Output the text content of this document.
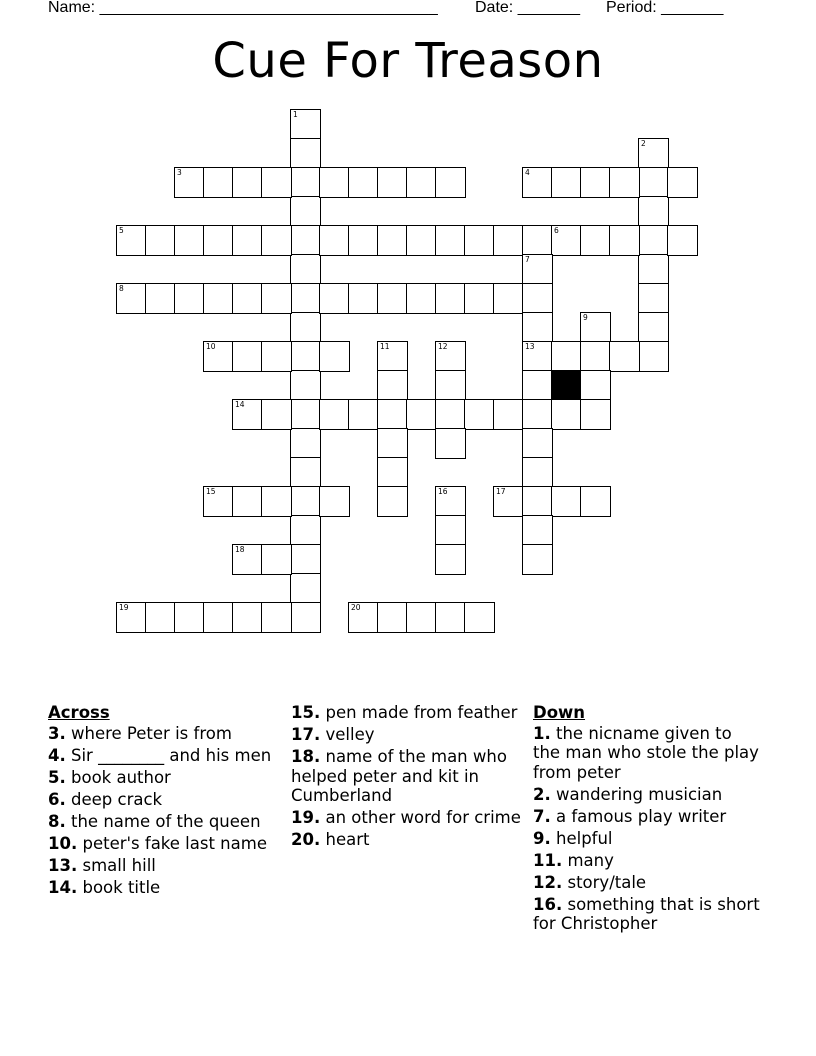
Name: ______________________________________ Date: _______ Period: _______
Cue For Treason
1
2
3	4
5	6
7
8
9
10	11	12	13
14
15	16	17
18
19	20
Across
3. where Peter is from
4. Sir ________ and his men
5. book author
6. deep crack
8. the name of the queen
10. peter's fake last name
13. small hill
14. book title
15. pen made from feather
17. velley
18. name of the man who helped peter and kit in Cumberland
19. an other word for crime
20. heart
Down
1. the nicname given to the man who stole the play from peter
2. wandering musician
7. a famous play writer
9. helpful
11. many
12. story/tale
16. something that is short for Christopher
